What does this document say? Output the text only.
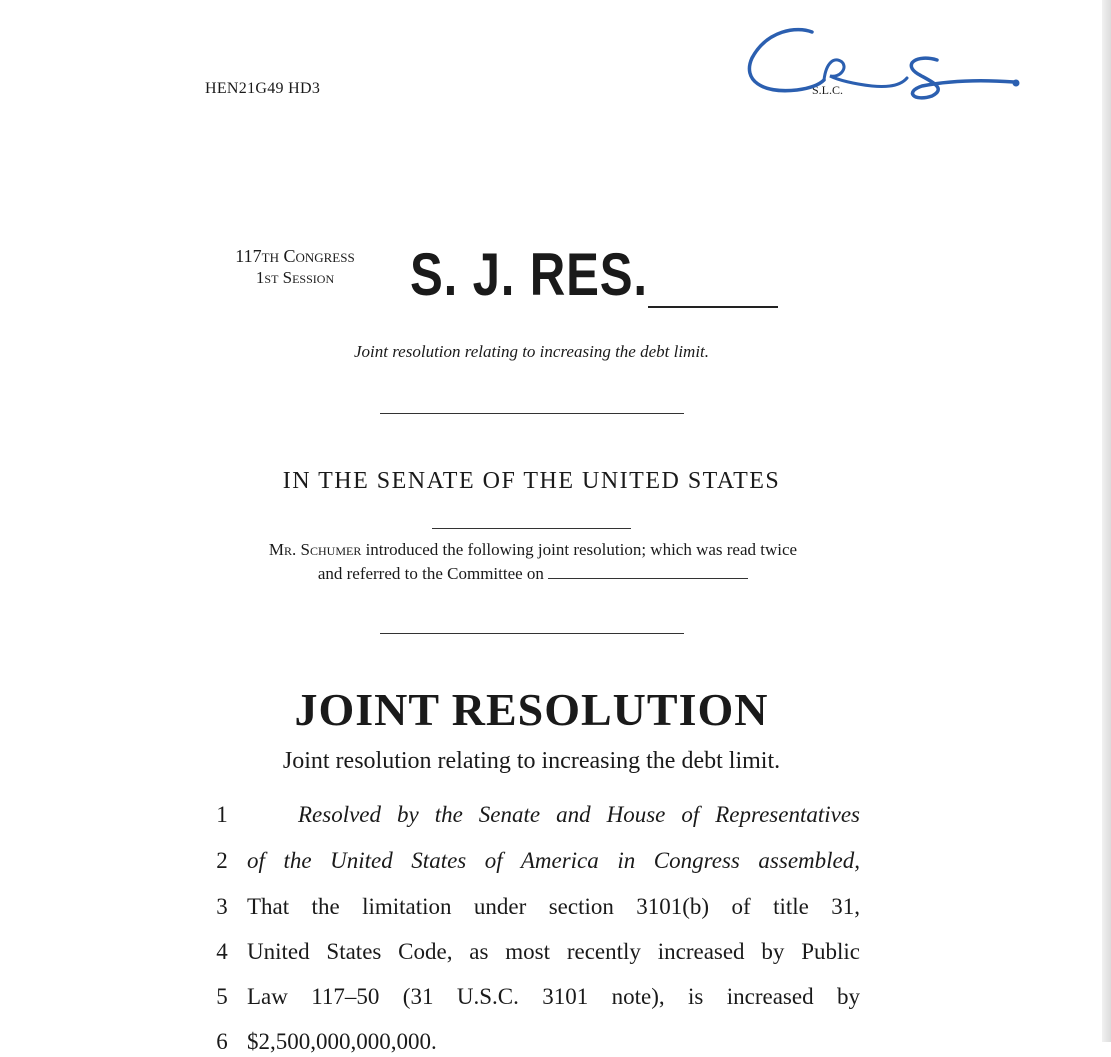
HEN21G49 HD3	S.L.C.
117th Congress
1st Session	S. J. RES.
Joint resolution relating to increasing the debt limit.
IN THE SENATE OF THE UNITED STATES
Mr. Schumer introduced the following joint resolution; which was read twice
and referred to the Committee on
JOINT RESOLUTION
Joint resolution relating to increasing the debt limit.
1	Resolved by the Senate and House of Representatives
2 of the United States of America in Congress assembled,
3 That the limitation under section 3101(b) of title 31,
4 United States Code, as most recently increased by Public
5 Law 117–50 (31 U.S.C. 3101 note), is increased by
6 $2,500,000,000,000.
